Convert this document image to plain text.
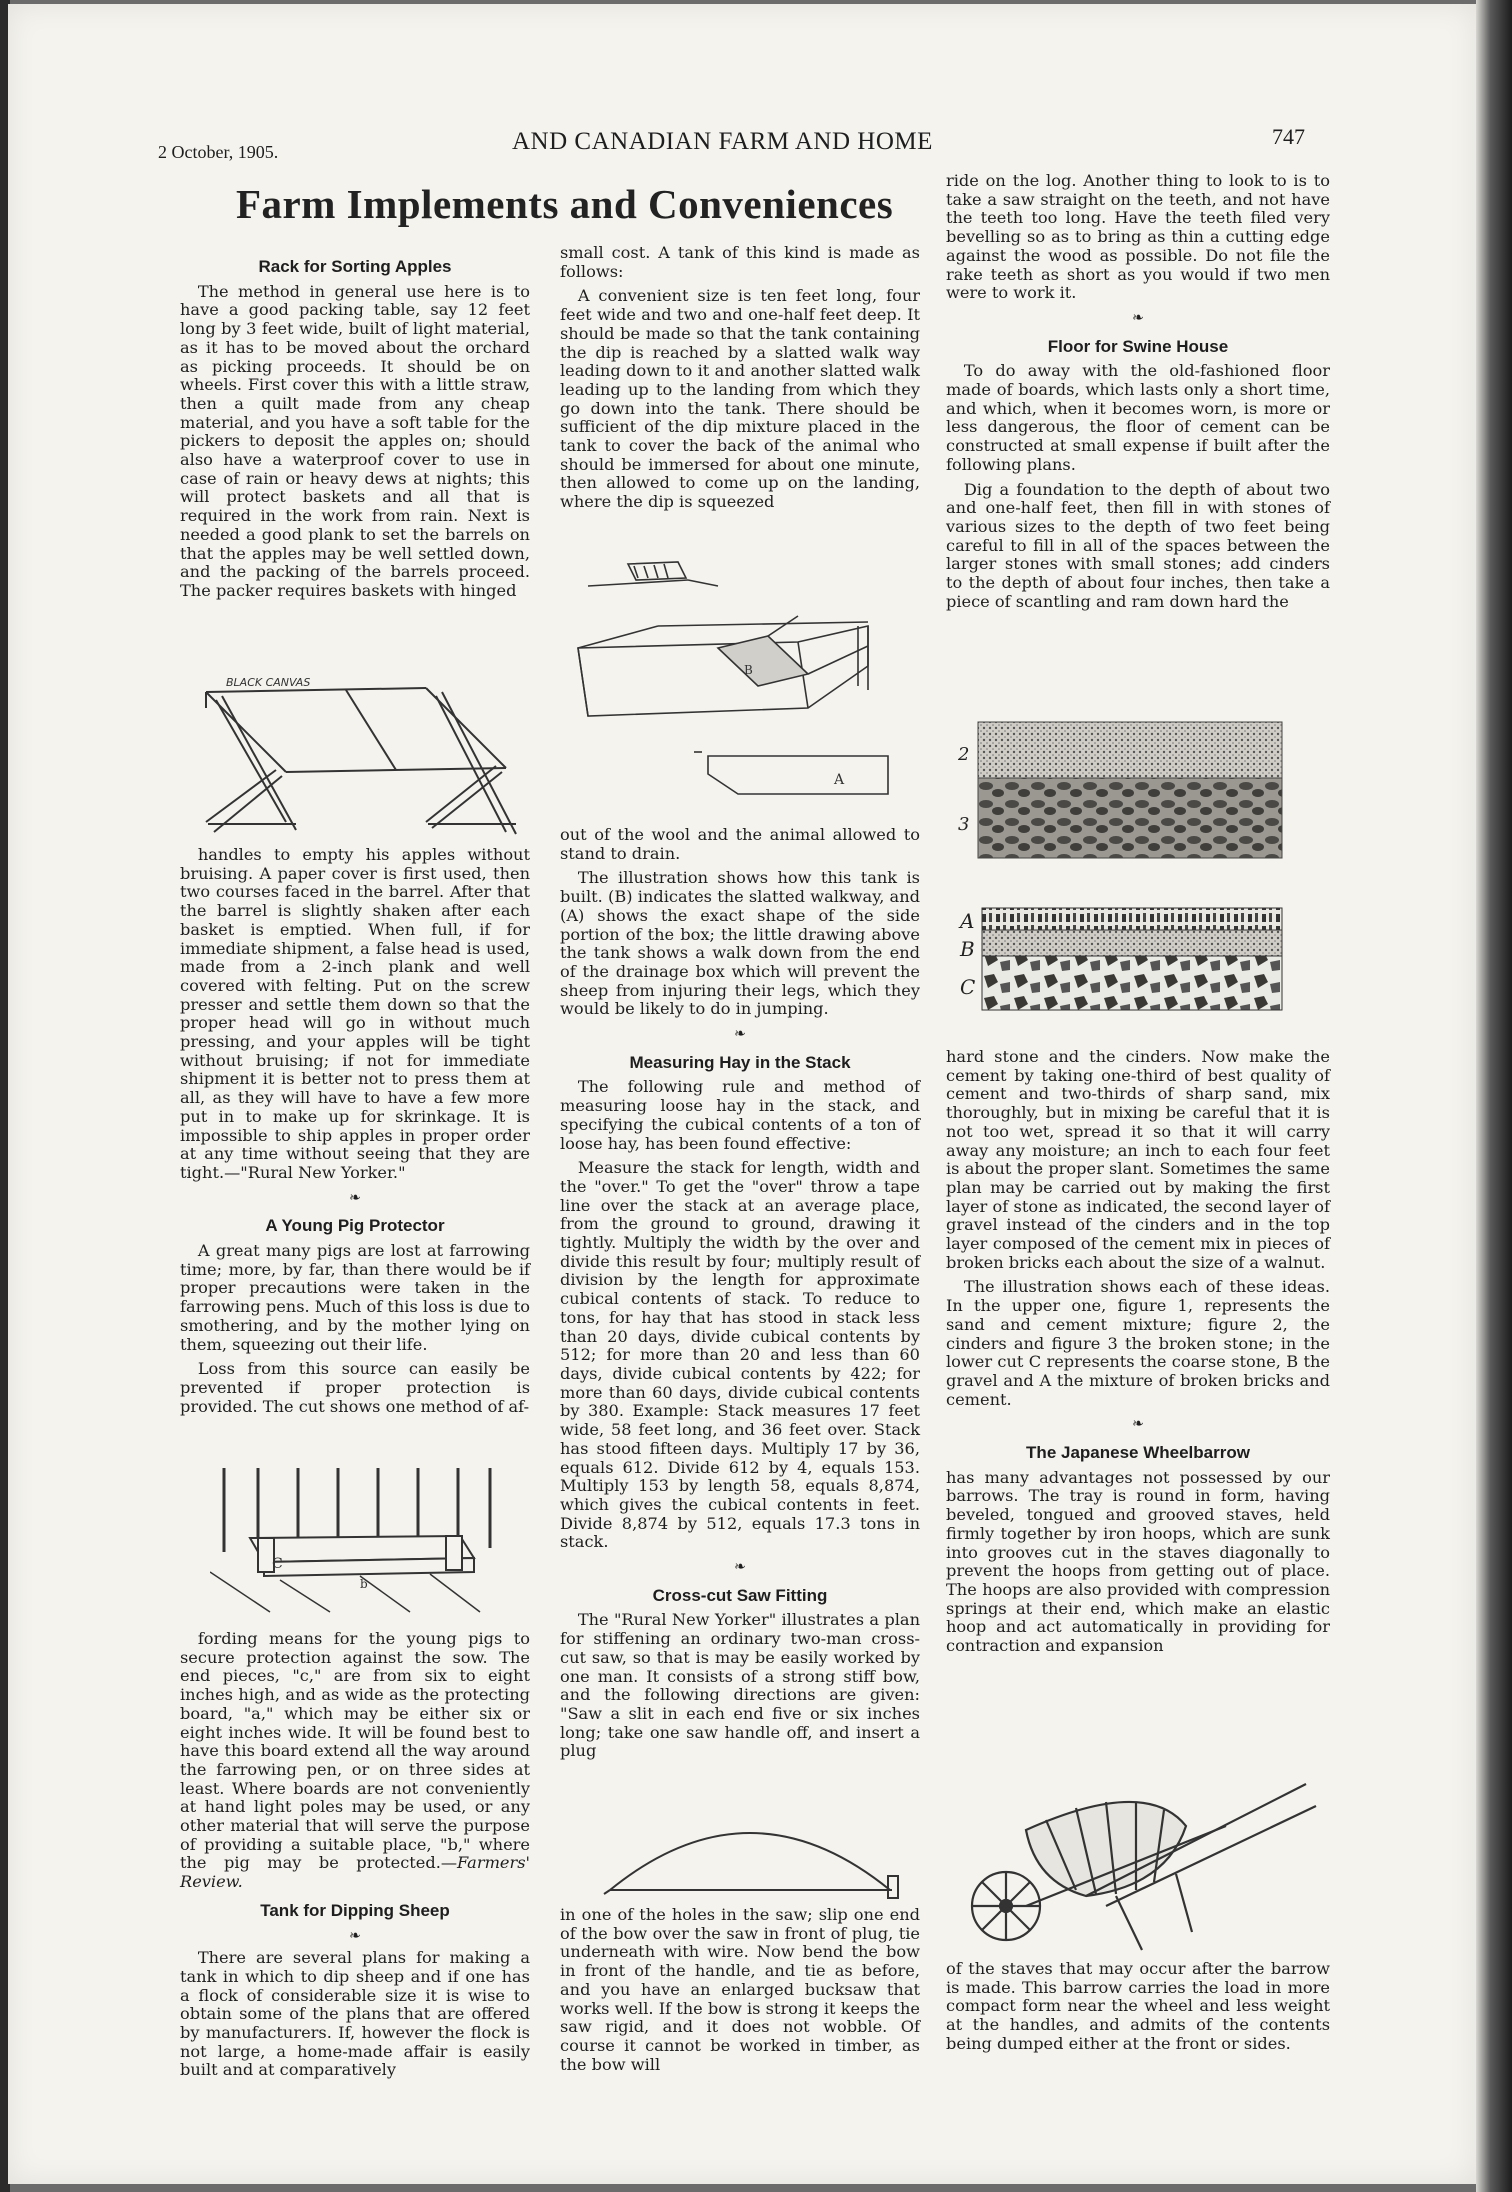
2 October, 1905.	AND CANADIAN FARM AND HOME	747
Farm Implements and Conveniences
Rack for Sorting Apples

The method in general use here is to have a good packing table, say 12 feet long by 3 feet wide, built of light material, as it has to be moved about the orchard as picking proceeds. It should be on wheels. First cover this with a little straw, then a quilt made from any cheap material, and you have a soft table for the pickers to deposit the apples on; should also have a waterproof cover to use in case of rain or heavy dews at nights; this will protect baskets and all that is required in the work from rain. Next is needed a good plank to set the barrels on that the apples may be well settled down, and the packing of the barrels proceed. The packer requires baskets with hinged

BLACK CANVAS

handles to empty his apples without bruising. A paper cover is first used, then two courses faced in the barrel. After that the barrel is slightly shaken after each basket is emptied. When full, if for immediate shipment, a false head is used, made from a 2-inch plank and well covered with felting. Put on the screw presser and settle them down so that the proper head will go in without much pressing, and your apples will be tight without bruising; if not for immediate shipment it is better not to press them at all, as they will have to have a few more put in to make up for skrinkage. It is impossible to ship apples in proper order at any time without seeing that they are tight.—"Rural New Yorker."

❧
A Young Pig Protector

A great many pigs are lost at farrowing time; more, by far, than there would be if proper precautions were taken in the farrowing pens. Much of this loss is due to smothering, and by the mother lying on them, squeezing out their life.

Loss from this source can easily be prevented if proper protection is provided. The cut shows one method of af-

C
b

fording means for the young pigs to secure protection against the sow. The end pieces, "c," are from six to eight inches high, and as wide as the protecting board, "a," which may be either six or eight inches wide. It will be found best to have this board extend all the way around the farrowing pen, or on three sides at least. Where boards are not conveniently at hand light poles may be used, or any other material that will serve the purpose of providing a suitable place, "b," where the pig may be protected.—Farmers' Review.

Tank for Dipping Sheep
❧

There are several plans for making a tank in which to dip sheep and if one has a flock of considerable size it is wise to obtain some of the plans that are offered by manufacturers. If, however the flock is not large, a home-made affair is easily built and at comparatively

small cost. A tank of this kind is made as follows:

A convenient size is ten feet long, four feet wide and two and one-half feet deep. It should be made so that the tank containing the dip is reached by a slatted walk way leading down to it and another slatted walk leading up to the landing from which they go down into the tank. There should be sufficient of the dip mixture placed in the tank to cover the back of the animal who should be immersed for about one minute, then allowed to come up on the landing, where the dip is squeezed

B
A

out of the wool and the animal allowed to stand to drain.

The illustration shows how this tank is built. (B) indicates the slatted walkway, and (A) shows the exact shape of the side portion of the box; the little drawing above the tank shows a walk down from the end of the drainage box which will prevent the sheep from injuring their legs, which they would be likely to do in jumping.

❧
Measuring Hay in the Stack

The following rule and method of measuring loose hay in the stack, and specifying the cubical contents of a ton of loose hay, has been found effective:

Measure the stack for length, width and the "over." To get the "over" throw a tape line over the stack at an average place, from the ground to ground, drawing it tightly. Multiply the width by the over and divide this result by four; multiply result of division by the length for approximate cubical contents of stack. To reduce to tons, for hay that has stood in stack less than 20 days, divide cubical contents by 512; for more than 20 and less than 60 days, divide cubical contents by 422; for more than 60 days, divide cubical contents by 380. Example: Stack measures 17 feet wide, 58 feet long, and 36 feet over. Stack has stood fifteen days. Multiply 17 by 36, equals 612. Divide 612 by 4, equals 153. Multiply 153 by length 58, equals 8,874, which gives the cubical contents in feet. Divide 8,874 by 512, equals 17.3 tons in stack.

❧
Cross-cut Saw Fitting

The "Rural New Yorker" illustrates a plan for stiffening an ordinary two-man cross-cut saw, so that is may be easily worked by one man. It consists of a strong stiff bow, and the following directions are given: "Saw a slit in each end five or six inches long; take one saw handle off, and insert a plug

in one of the holes in the saw; slip one end of the bow over the saw in front of plug, tie underneath with wire. Now bend the bow in front of the handle, and tie as before, and you have an enlarged bucksaw that works well. If the bow is strong it keeps the saw rigid, and it does not wobble. Of course it cannot be worked in timber, as the bow will

ride on the log. Another thing to look to is to take a saw straight on the teeth, and not have the teeth too long. Have the teeth filed very bevelling so as to bring as thin a cutting edge against the wood as possible. Do not file the rake teeth as short as you would if two men were to work it.

❧
Floor for Swine House

To do away with the old-fashioned floor made of boards, which lasts only a short time, and which, when it becomes worn, is more or less dangerous, the floor of cement can be constructed at small expense if built after the following plans.

Dig a foundation to the depth of about two and one-half feet, then fill in with stones of various sizes to the depth of two feet being careful to fill in all of the spaces between the larger stones with small stones; add cinders to the depth of about four inches, then take a piece of scantling and ram down hard the

2
3
A
B
C

hard stone and the cinders. Now make the cement by taking one-third of best quality of cement and two-thirds of sharp sand, mix thoroughly, but in mixing be careful that it is not too wet, spread it so that it will carry away any moisture; an inch to each four feet is about the proper slant. Sometimes the same plan may be carried out by making the first layer of stone as indicated, the second layer of gravel instead of the cinders and in the top layer composed of the cement mix in pieces of broken bricks each about the size of a walnut.

The illustration shows each of these ideas. In the upper one, figure 1, represents the sand and cement mixture; figure 2, the cinders and figure 3 the broken stone; in the lower cut C represents the coarse stone, B the gravel and A the mixture of broken bricks and cement.

❧
The Japanese Wheelbarrow

has many advantages not possessed by our barrows. The tray is round in form, having beveled, tongued and grooved staves, held firmly together by iron hoops, which are sunk into grooves cut in the staves diagonally to prevent the hoops from getting out of place. The hoops are also provided with compression springs at their end, which make an elastic hoop and act automatically in providing for contraction and expansion

of the staves that may occur after the barrow is made. This barrow carries the load in more compact form near the wheel and less weight at the handles, and admits of the contents being dumped either at the front or sides.
